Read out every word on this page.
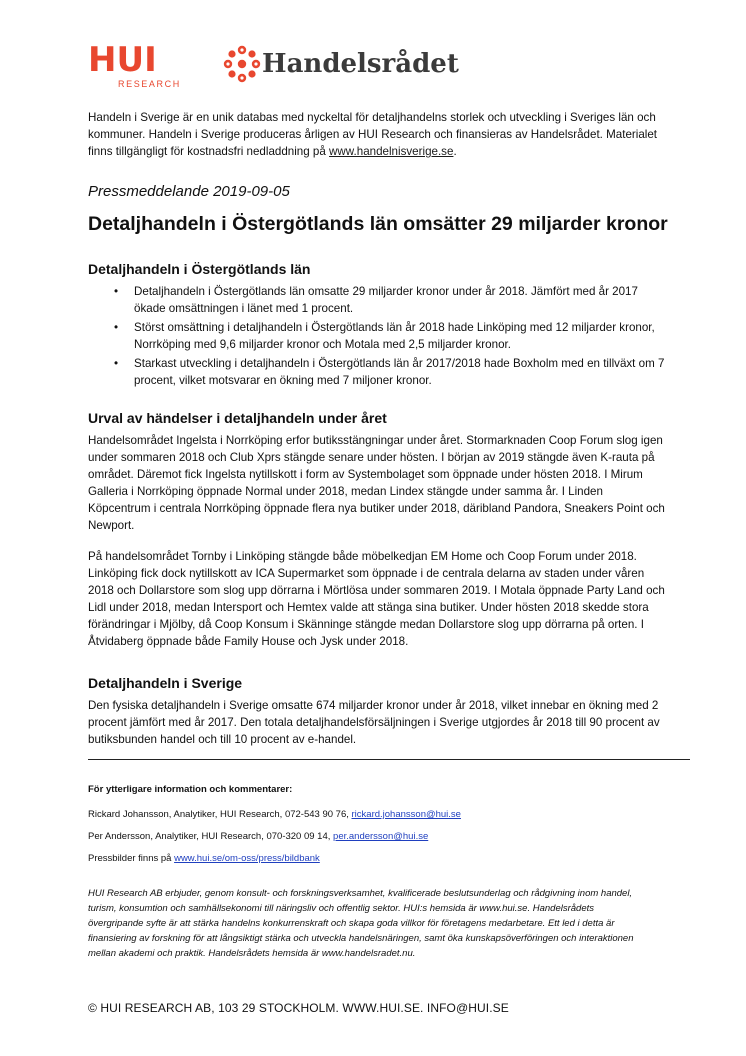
HUI
RESEARCH
Handelsrådet
Handeln i Sverige är en unik databas med nyckeltal för detaljhandelns storlek och utveckling i Sveriges län och kommuner. Handeln i Sverige produceras årligen av HUI Research och finansieras av Handelsrådet. Materialet finns tillgängligt för kostnadsfri nedladdning på www.handelnisverige.se.
Pressmeddelande 2019-09-05
Detaljhandeln i Östergötlands län omsätter 29 miljarder kronor
Detaljhandeln i Östergötlands län
• Detaljhandeln i Östergötlands län omsatte 29 miljarder kronor under år 2018. Jämfört med år 2017 ökade omsättningen i länet med 1 procent.
• Störst omsättning i detaljhandeln i Östergötlands län år 2018 hade Linköping med 12 miljarder kronor, Norrköping med 9,6 miljarder kronor och Motala med 2,5 miljarder kronor.
• Starkast utveckling i detaljhandeln i Östergötlands län år 2017/2018 hade Boxholm med en tillväxt om 7 procent, vilket motsvarar en ökning med 7 miljoner kronor.
Urval av händelser i detaljhandeln under året
Handelsområdet Ingelsta i Norrköping erfor butiksstängningar under året. Stormarknaden Coop Forum slog igen under sommaren 2018 och Club Xprs stängde senare under hösten. I början av 2019 stängde även K-rauta på området. Däremot fick Ingelsta nytillskott i form av Systembolaget som öppnade under hösten 2018. I Mirum Galleria i Norrköping öppnade Normal under 2018, medan Lindex stängde under samma år. I Linden Köpcentrum i centrala Norrköping öppnade flera nya butiker under 2018, däribland Pandora, Sneakers Point och Newport.
På handelsområdet Tornby i Linköping stängde både möbelkedjan EM Home och Coop Forum under 2018. Linköping fick dock nytillskott av ICA Supermarket som öppnade i de centrala delarna av staden under våren 2018 och Dollarstore som slog upp dörrarna i Mörtlösa under sommaren 2019. I Motala öppnade Party Land och Lidl under 2018, medan Intersport och Hemtex valde att stänga sina butiker. Under hösten 2018 skedde stora förändringar i Mjölby, då Coop Konsum i Skänninge stängde medan Dollarstore slog upp dörrarna på orten. I Åtvidaberg öppnade både Family House och Jysk under 2018.
Detaljhandeln i Sverige
Den fysiska detaljhandeln i Sverige omsatte 674 miljarder kronor under år 2018, vilket innebar en ökning med 2 procent jämfört med år 2017. Den totala detaljhandelsförsäljningen i Sverige utgjordes år 2018 till 90 procent av butiksbunden handel och till 10 procent av e-handel.
För ytterligare information och kommentarer:
Rickard Johansson, Analytiker, HUI Research, 072-543 90 76, rickard.johansson@hui.se
Per Andersson, Analytiker, HUI Research, 070-320 09 14, per.andersson@hui.se
Pressbilder finns på www.hui.se/om-oss/press/bildbank
HUI Research AB erbjuder, genom konsult- och forskningsverksamhet, kvalificerade beslutsunderlag och rådgivning inom handel, turism, konsumtion och samhällsekonomi till näringsliv och offentlig sektor. HUI:s hemsida är www.hui.se. Handelsrådets övergripande syfte är att stärka handelns konkurrenskraft och skapa goda villkor för företagens medarbetare. Ett led i detta är finansiering av forskning för att långsiktigt stärka och utveckla handelsnäringen, samt öka kunskapsöverföringen och interaktionen mellan akademi och praktik. Handelsrådets hemsida är www.handelsradet.nu.
© HUI RESEARCH AB, 103 29 STOCKHOLM. WWW.HUI.SE. INFO@HUI.SE
